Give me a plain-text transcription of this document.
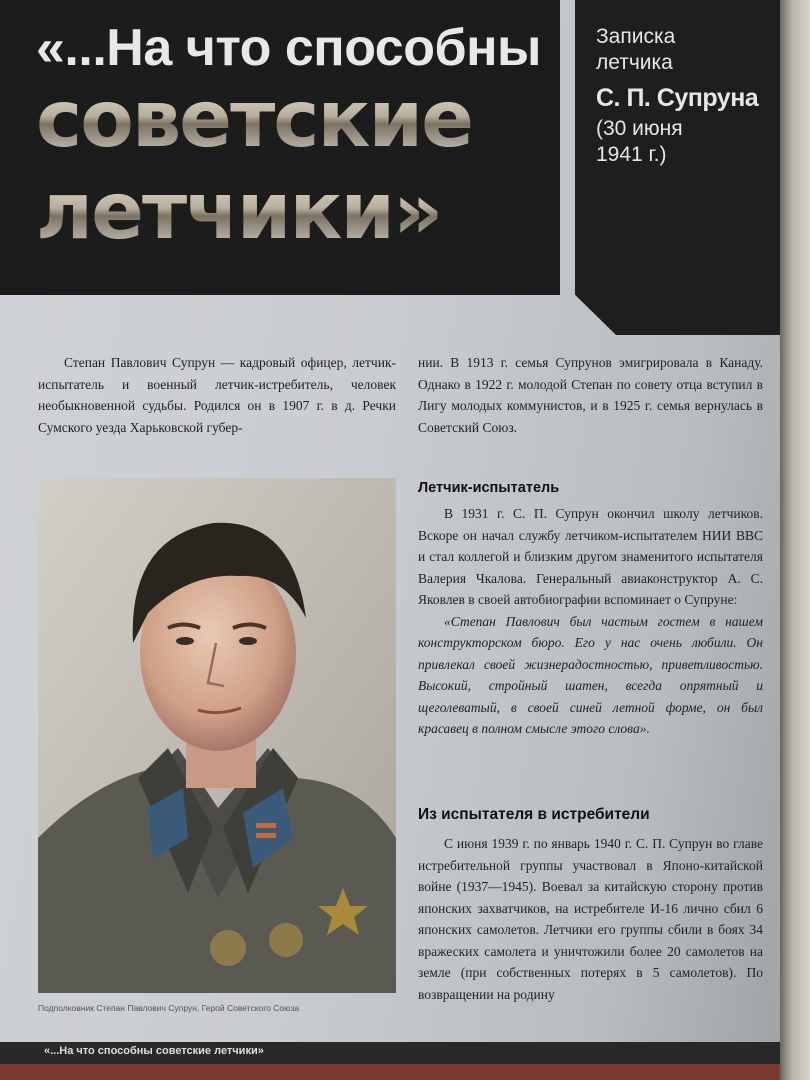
«...На что способны
советские
летчики»
Записка
летчика
С. П. Супруна
(30 июня
1941 г.)

Степан Павлович Супрун — кадровый офицер, летчик-испытатель и военный летчик-истребитель, человек необыкновенной судьбы. Родился он в 1907 г. в д. Речки Сумского уезда Харьковской губер-

нии. В 1913 г. семья Супрунов эмигрировала в Канаду. Однако в 1922 г. молодой Степан по совету отца вступил в Лигу молодых коммунистов, и в 1925 г. семья вернулась в Советский Союз.

Подполковник Степан Павлович Супрун, Герой Советского Союза
Летчик-испытатель

В 1931 г. С. П. Супрун окончил школу летчиков. Вскоре он начал службу летчиком-испытателем НИИ ВВС и стал коллегой и близким другом знаменитого испытателя Валерия Чкалова. Генеральный авиаконструктор А. С. Яковлев в своей автобиографии вспоминает о Супруне:

«Степан Павлович был частым гостем в нашем конструкторском бюро. Его у нас очень любили. Он привлекал своей жизнерадостностью, приветливостью. Высокий, стройный шатен, всегда опрятный и щеголеватый, в своей синей летной форме, он был красавец в полном смысле этого слова».

Из испытателя в истребители

С июня 1939 г. по январь 1940 г. С. П. Супрун во главе истребительной группы участвовал в Японо-китайской войне (1937—1945). Воевал за китайскую сторону против японских захватчиков, на истребителе И-16 лично сбил 6 японских самолетов. Летчики его группы сбили в боях 34 вражеских самолета и уничтожили более 20 самолетов на земле (при собственных потерях в 5 самолетов). По возвращении на родину

«...На что способны советские летчики»
